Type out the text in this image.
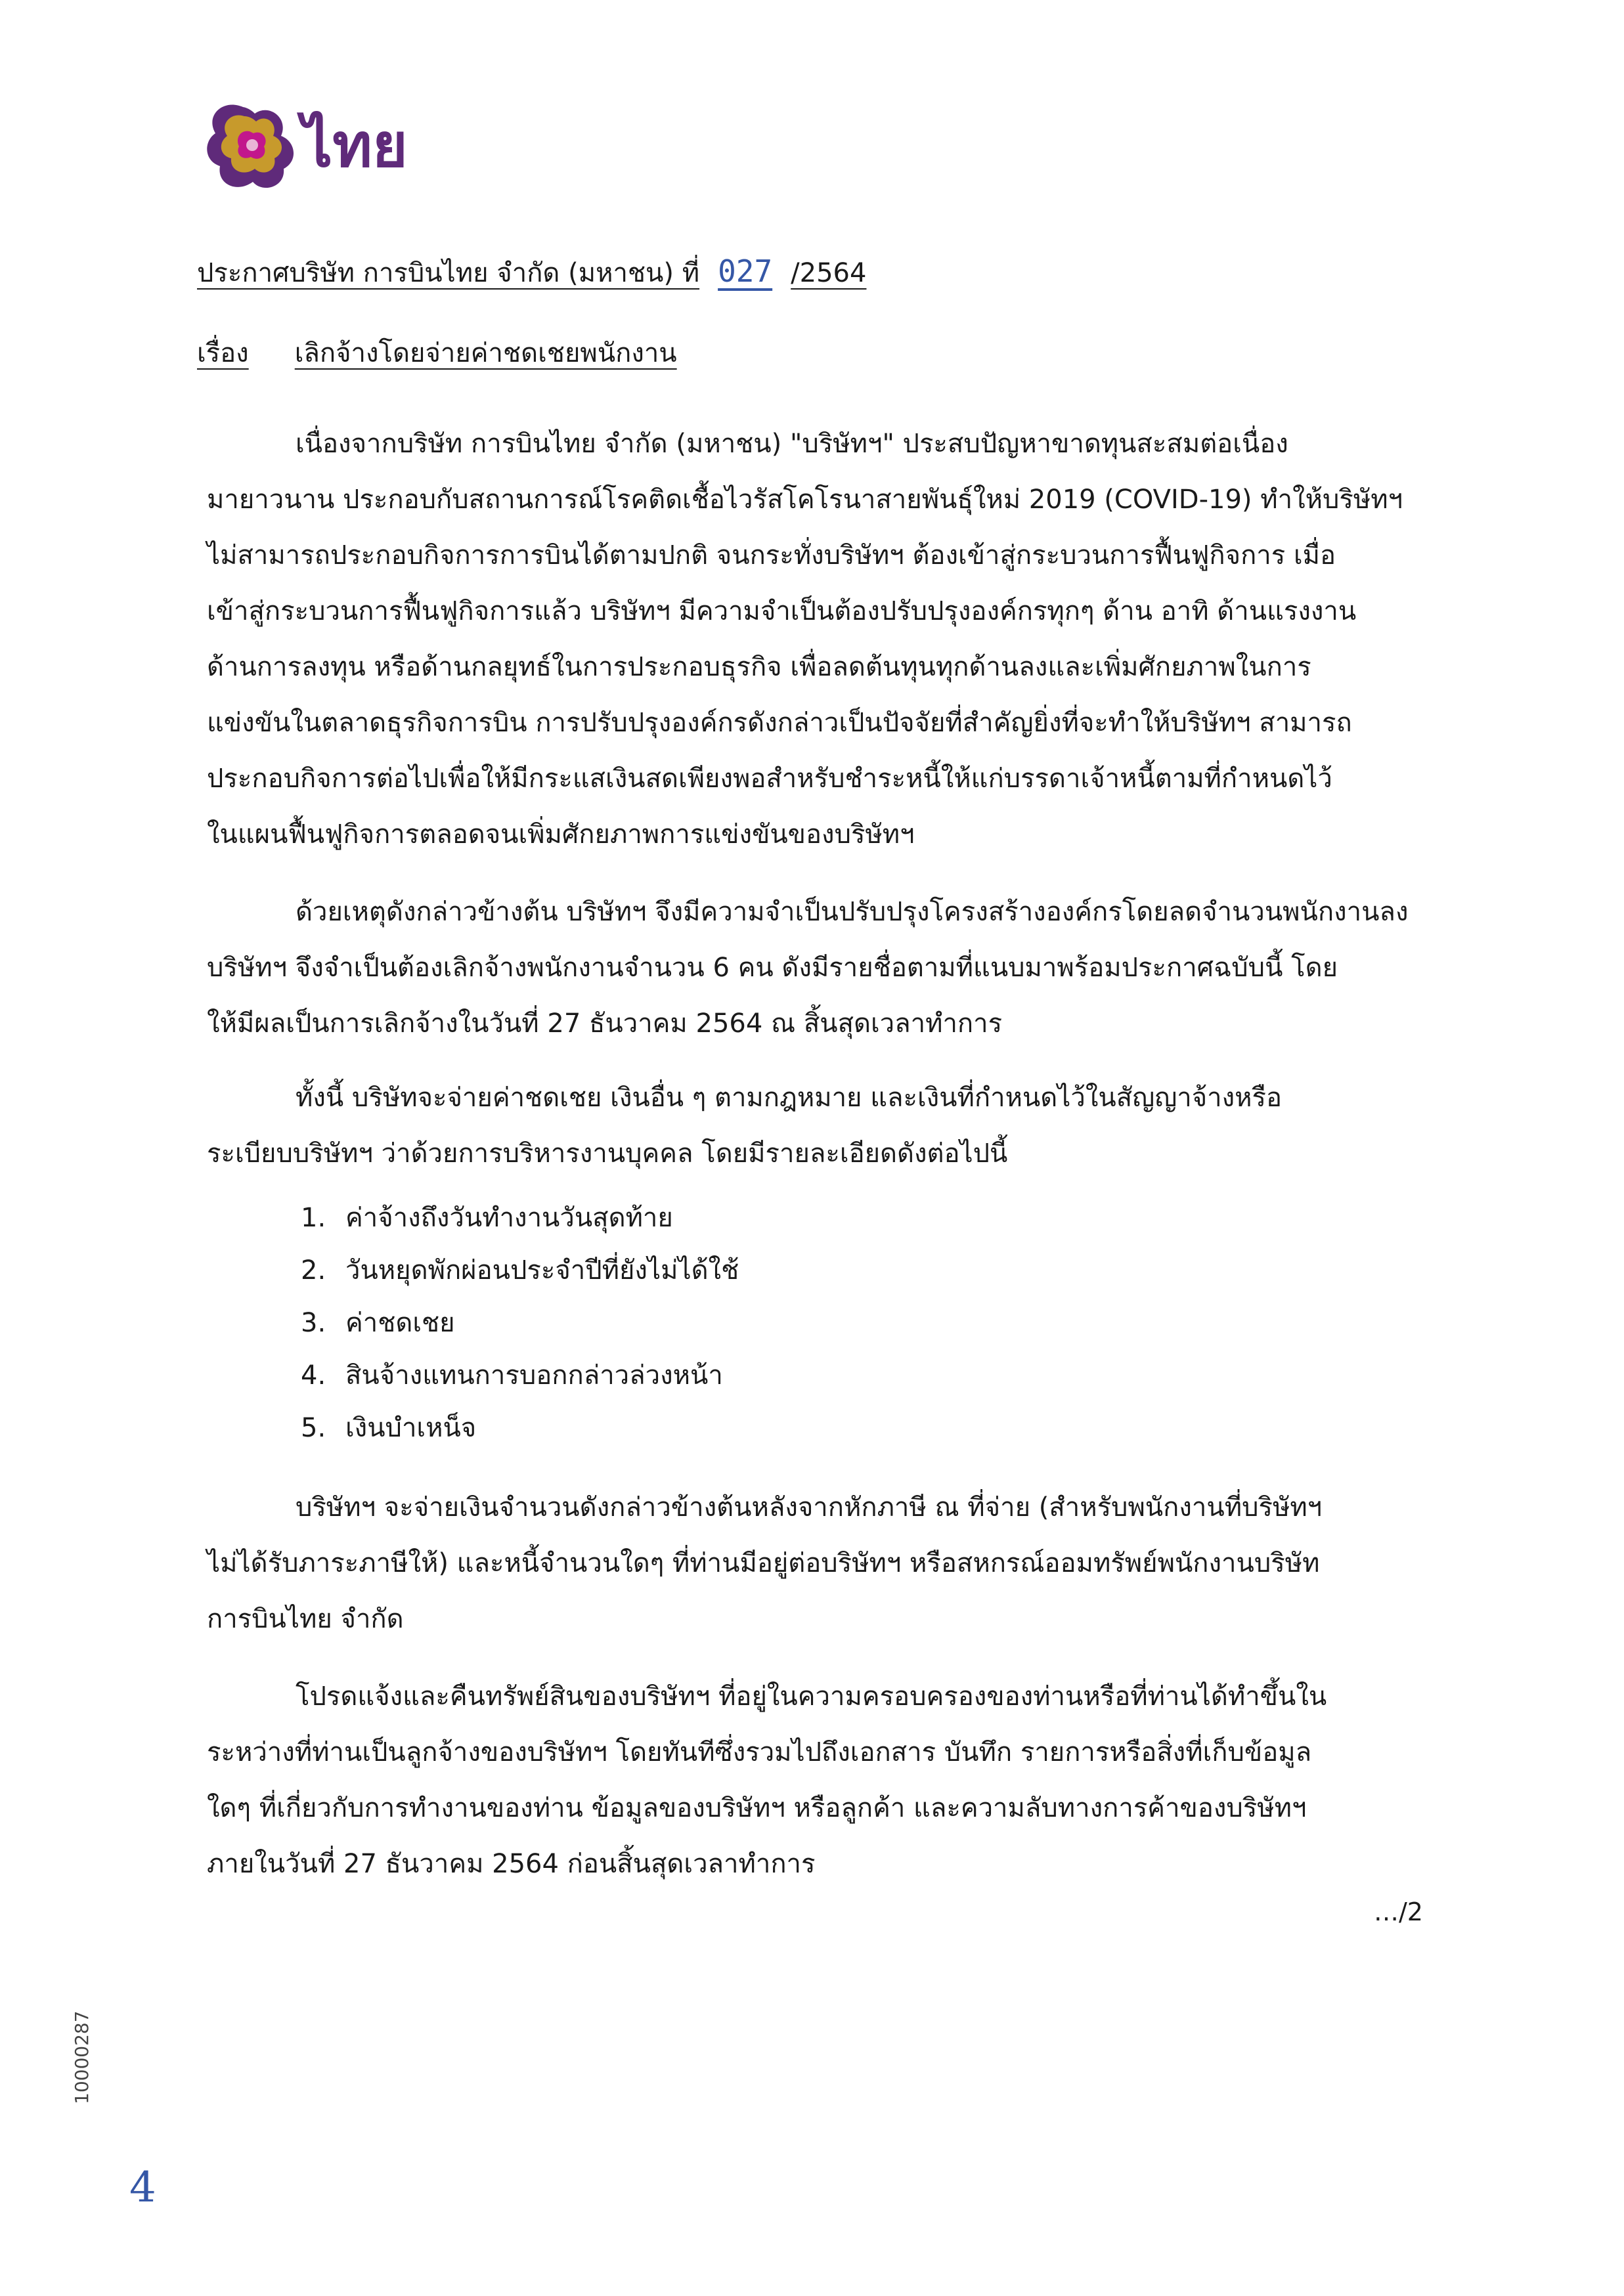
ไทย
ประกาศบริษัท การบินไทย จำกัด (มหาชน) ที่ 027 /2564
เรื่อง เลิกจ้างโดยจ่ายค่าชดเชยพนักงาน
เนื่องจากบริษัท การบินไทย จำกัด (มหาชน) "บริษัทฯ" ประสบปัญหาขาดทุนสะสมต่อเนื่อง
มายาวนาน ประกอบกับสถานการณ์โรคติดเชื้อไวรัสโคโรนาสายพันธุ์ใหม่ 2019 (COVID-19) ทำให้บริษัทฯ
ไม่สามารถประกอบกิจการการบินได้ตามปกติ จนกระทั่งบริษัทฯ ต้องเข้าสู่กระบวนการฟื้นฟูกิจการ เมื่อ
เข้าสู่กระบวนการฟื้นฟูกิจการแล้ว บริษัทฯ มีความจำเป็นต้องปรับปรุงองค์กรทุกๆ ด้าน อาทิ ด้านแรงงาน
ด้านการลงทุน หรือด้านกลยุทธ์ในการประกอบธุรกิจ เพื่อลดต้นทุนทุกด้านลงและเพิ่มศักยภาพในการ
แข่งขันในตลาดธุรกิจการบิน การปรับปรุงองค์กรดังกล่าวเป็นปัจจัยที่สำคัญยิ่งที่จะทำให้บริษัทฯ สามารถ
ประกอบกิจการต่อไปเพื่อให้มีกระแสเงินสดเพียงพอสำหรับชำระหนี้ให้แก่บรรดาเจ้าหนี้ตามที่กำหนดไว้
ในแผนฟื้นฟูกิจการตลอดจนเพิ่มศักยภาพการแข่งขันของบริษัทฯ
ด้วยเหตุดังกล่าวข้างต้น บริษัทฯ จึงมีความจำเป็นปรับปรุงโครงสร้างองค์กรโดยลดจำนวนพนักงานลง
บริษัทฯ จึงจำเป็นต้องเลิกจ้างพนักงานจำนวน 6 คน ดังมีรายชื่อตามที่แนบมาพร้อมประกาศฉบับนี้ โดย
ให้มีผลเป็นการเลิกจ้างในวันที่ 27 ธันวาคม 2564 ณ สิ้นสุดเวลาทำการ
ทั้งนี้ บริษัทจะจ่ายค่าชดเชย เงินอื่น ๆ ตามกฎหมาย และเงินที่กำหนดไว้ในสัญญาจ้างหรือ
ระเบียบบริษัทฯ ว่าด้วยการบริหารงานบุคคล โดยมีรายละเอียดดังต่อไปนี้
1. ค่าจ้างถึงวันทำงานวันสุดท้าย
2. วันหยุดพักผ่อนประจำปีที่ยังไม่ได้ใช้
3. ค่าชดเชย
4. สินจ้างแทนการบอกกล่าวล่วงหน้า
5. เงินบำเหน็จ
บริษัทฯ จะจ่ายเงินจำนวนดังกล่าวข้างต้นหลังจากหักภาษี ณ ที่จ่าย (สำหรับพนักงานที่บริษัทฯ
ไม่ได้รับภาระภาษีให้) และหนี้จำนวนใดๆ ที่ท่านมีอยู่ต่อบริษัทฯ หรือสหกรณ์ออมทรัพย์พนักงานบริษัท
การบินไทย จำกัด
โปรดแจ้งและคืนทรัพย์สินของบริษัทฯ ที่อยู่ในความครอบครองของท่านหรือที่ท่านได้ทำขึ้นใน
ระหว่างที่ท่านเป็นลูกจ้างของบริษัทฯ โดยทันทีซึ่งรวมไปถึงเอกสาร บันทึก รายการหรือสิ่งที่เก็บข้อมูล
ใดๆ ที่เกี่ยวกับการทำงานของท่าน ข้อมูลของบริษัทฯ หรือลูกค้า และความลับทางการค้าของบริษัทฯ
ภายในวันที่ 27 ธันวาคม 2564 ก่อนสิ้นสุดเวลาทำการ
…/2
10000287
4
